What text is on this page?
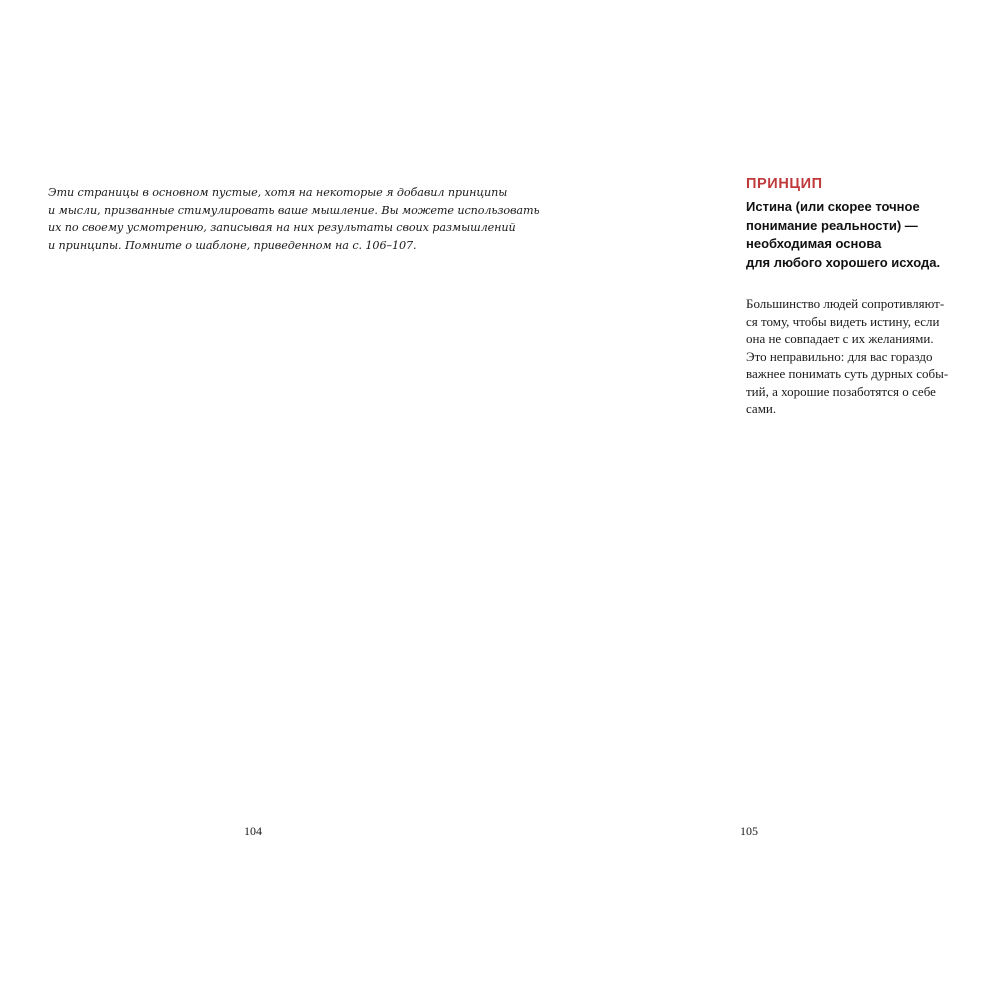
Эти страницы в основном пустые, хотя на некоторые я добавил принципы
и мысли, призванные стимулировать ваше мышление. Вы можете использовать
их по своему усмотрению, записывая на них результаты своих размышлений
и принципы. Помните о шаблоне, приведенном на с. 106–107.
104
ПРИНЦИП
Истина (или скорее точное
понимание реальности) —
необходимая основа
для любого хорошего исхода.
Большинство людей сопротивляют-
ся тому, чтобы видеть истину, если
она не совпадает с их желаниями.
Это неправильно: для вас гораздо
важнее понимать суть дурных собы-
тий, а хорошие позаботятся о себе
сами.
105
